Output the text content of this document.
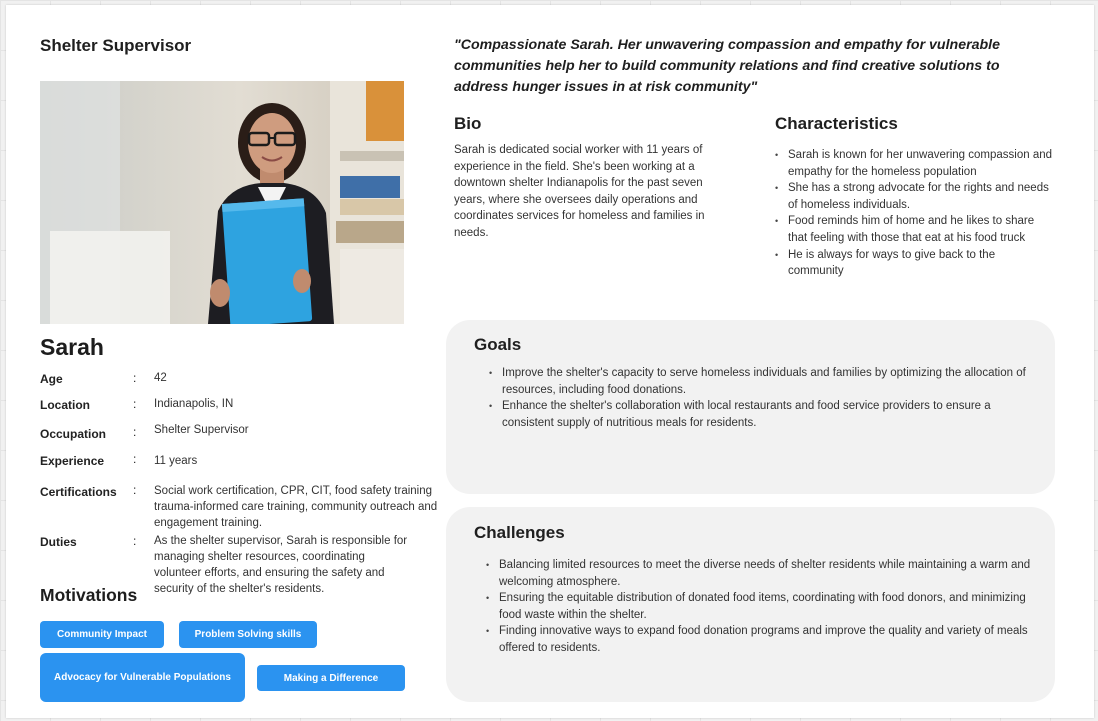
Shelter Supervisor
Sarah
Age	: 42
Location	: Indianapolis, IN
Occupation : Shelter Supervisor
Experience : 11 years
Certifications : Social work certification, CPR, CIT, food safety training trauma-informed care training, community outreach and engagement training.
Duties	: As the shelter supervisor, Sarah is responsible for managing shelter resources, coordinating volunteer efforts, and ensuring the safety and security of the shelter's residents.
Motivations
Community Impact	Problem Solving skills
Advocacy for Vulnerable Populations	Making a Difference
"Compassionate Sarah. Her unwavering compassion and empathy for vulnerable communities help her to build community relations and find creative solutions to address hunger issues in at risk community"
Bio
Sarah is dedicated social worker with 11 years of experience in the field. She's been working at a downtown shelter Indianapolis for the past seven years, where she oversees daily operations and coordinates services for homeless and families in needs.
Characteristics
• Sarah is known for her unwavering compassion and empathy for the homeless population
• She has a strong advocate for the rights and needs of homeless individuals.
• Food reminds him of home and he likes to share that feeling with those that eat at his food truck
• He is always for ways to give back to the community
Goals
• Improve the shelter's capacity to serve homeless individuals and families by optimizing the allocation of resources, including food donations.
• Enhance the shelter's collaboration with local restaurants and food service providers to ensure a consistent supply of nutritious meals for residents.
Challenges
• Balancing limited resources to meet the diverse needs of shelter residents while maintaining a warm and welcoming atmosphere.
• Ensuring the equitable distribution of donated food items, coordinating with food donors, and minimizing food waste within the shelter.
• Finding innovative ways to expand food donation programs and improve the quality and variety of meals offered to residents.
